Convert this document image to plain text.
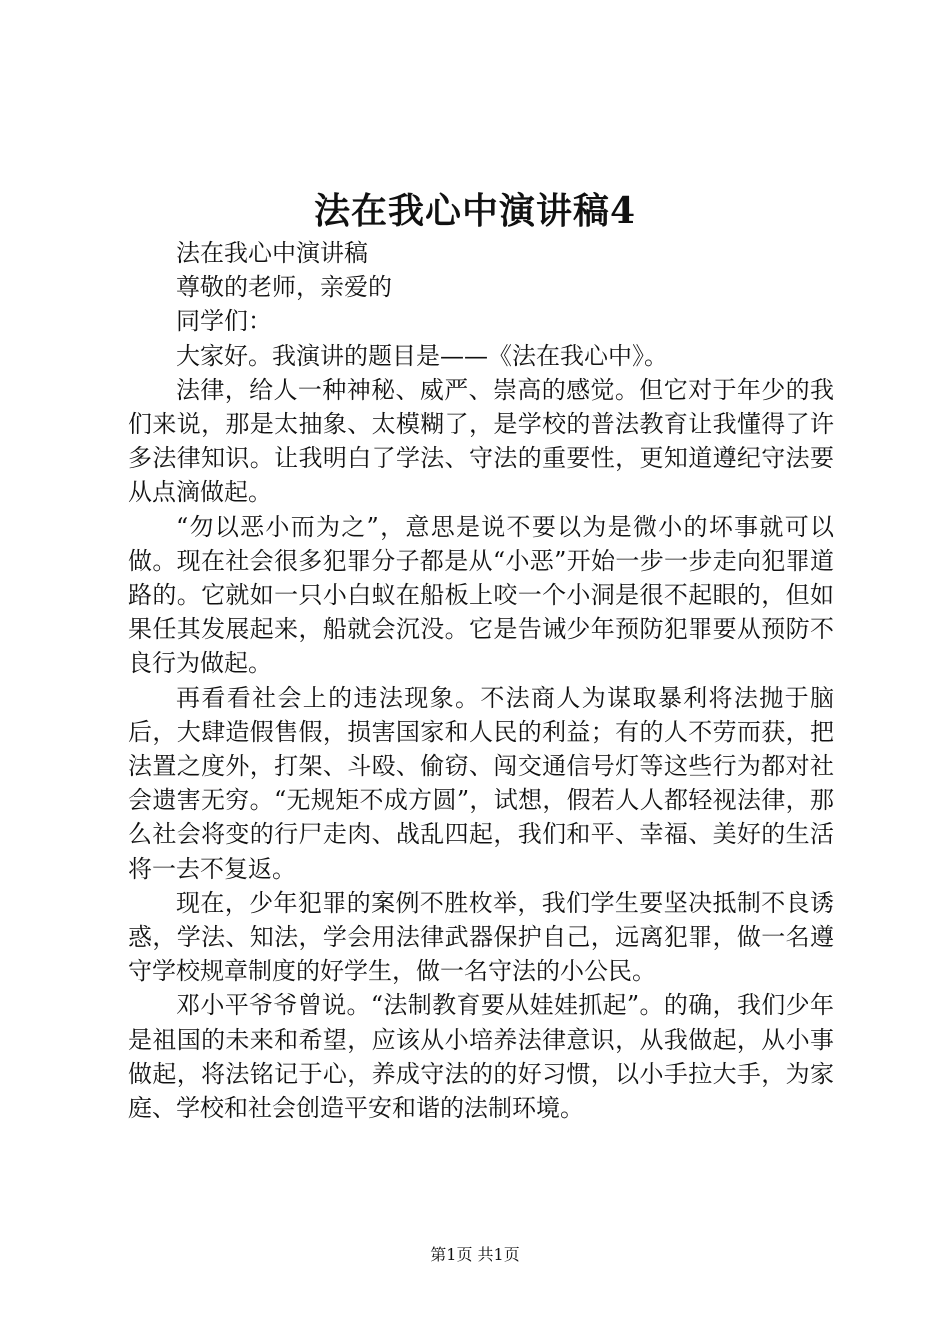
法在我心中演讲稿4

法在我心中演讲稿

尊敬的老师，亲爱的

同学们：

大家好。我演讲的题目是——《法在我心中》。

法律，给人一种神秘、威严、崇高的感觉。但它对于年少的我们来说，那是太抽象、太模糊了，是学校的普法教育让我懂得了许多法律知识。让我明白了学法、守法的重要性，更知道遵纪守法要从点滴做起。

“勿以恶小而为之”，意思是说不要以为是微小的坏事就可以做。现在社会很多犯罪分子都是从“小恶”开始一步一步走向犯罪道路的。它就如一只小白蚁在船板上咬一个小洞是很不起眼的，但如果任其发展起来，船就会沉没。它是告诫少年预防犯罪要从预防不良行为做起。

再看看社会上的违法现象。不法商人为谋取暴利将法抛于脑后，大肆造假售假，损害国家和人民的利益；有的人不劳而获，把法置之度外，打架、斗殴、偷窃、闯交通信号灯等这些行为都对社会遗害无穷。“无规矩不成方圆”，试想，假若人人都轻视法律，那么社会将变的行尸走肉、战乱四起，我们和平、幸福、美好的生活将一去不复返。

现在，少年犯罪的案例不胜枚举，我们学生要坚决抵制不良诱惑，学法、知法，学会用法律武器保护自己，远离犯罪，做一名遵守学校规章制度的好学生，做一名守法的小公民。

邓小平爷爷曾说。“法制教育要从娃娃抓起”。的确，我们少年是祖国的未来和希望，应该从小培养法律意识，从我做起，从小事做起，将法铭记于心，养成守法的的好习惯，以小手拉大手，为家庭、学校和社会创造平安和谐的法制环境。

第1页 共1页
